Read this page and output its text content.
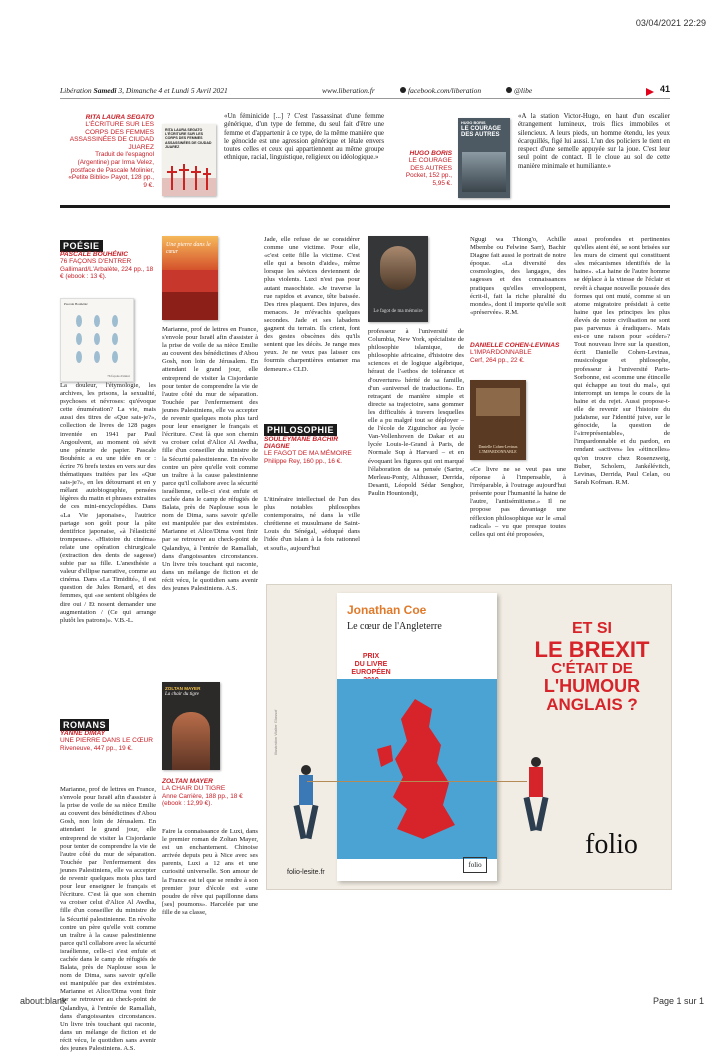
03/04/2021 22:29
about:blank	Page 1 sur 1
Libération Samedi 3, Dimanche 4 et Lundi 5 Avril 2021	www.liberation.fr	facebook.com/liberation	@libe	41
RITA LAURA SEGATO
L'ÉCRITURE SUR LES CORPS DES FEMMES ASSASSINÉES DE CIUDAD JUAREZ
Traduit de l'espagnol (Argentine) par Irma Velez, postface de Pascale Molinier, «Petite Biblio» Payot, 128 pp., 9 €.
RITA LAURA SEGATO L'ÉCRITURE SUR LES CORPS DES FEMMES ASSASSINÉES DE CIUDAD JUAREZ
«Un féminicide [...] ? C'est l'assassinat d'une femme générique, d'un type de femme, du seul fait d'être une femme et d'appartenir à ce type, de la même manière que le génocide est une agression générique et létale envers toutes celles et ceux qui appartiennent au même groupe ethnique, racial, linguistique, religieux ou idéologique.»
HUGO BORIS
LE COURAGE DES AUTRES
Pocket, 152 pp., 5,95 €.
HUGO BORIS
LE COURAGE DES AUTRES
«A la station Victor-Hugo, en haut d'un escalier étrangement lumineux, trois flics immobiles et silencieux. A leurs pieds, un homme étendu, les yeux écarquillés, figé lui aussi. L'un des policiers le tient en respect d'une semelle appuyée sur la joue. C'est leur seul point de contact. Il le cloue au sol de cette manière minimale et humiliante.»
POÉSIE
PASCALE BOUHÉNIC
76 FAÇONS D'ENTRER
Gallimard/L'Arbalète, 224 pp., 18 € (ebook : 13 €).
Pascale Bouhénic
76 façons d'entrer
La douleur, l'étymologie, les archives, les prisons, la sexualité, psychoses et névroses: qu'évoque cette énumération? La vie, mais aussi des titres de «Que sais-je?», collection de livres de 128 pages inventée en 1941 par Paul Angoulvent, au moment où sévit une pénurie de papier. Pascale Bouhénic a eu une idée en or : écrire 76 brefs textes en vers sur des thématiques traitées par les «Que sais-je?», en les détournant et en y mêlant autobiographie, pensées légères du matin et phrases extraites de ces mini-encyclopédies. Dans «La Vie japonaise», l'autrice partage son goût pour la pâte dentifrice japonaise, «à l'élasticité trompeuse». «Histoire du cinéma» relate une opération chirurgicale (extraction des dents de sagesse) subie par sa fille. L'anesthésie a valeur d'ellipse narrative, comme au cinéma. Dans «La Timidité», il est question de Jules Renard, et des femmes, qui «se sentent obligées de dire oui / Et nosent demander une augmentation / (Ce qui arrange plutôt les patrons)». V.B.-L.
ROMANS
YANNE DIMAY
UNE PIERRE DANS LE CŒUR
Riveneuve, 447 pp., 19 €.
Marianne, prof de lettres en France, s'envole pour Israël afin d'assister à la prise de voile de sa nièce Emilie au couvent des bénédictines d'Abou Gosh, non loin de Jérusalem. En attendant le grand jour, elle entreprend de visiter la Cisjordanie pour tenter de comprendre la vie de l'autre côté du mur de séparation. Touchée par l'enfermement des jeunes Palestiniens, elle va accepter de revenir quelques mois plus tard pour leur enseigner le français et l'écriture. C'est là que son chemin va croiser celui d'Alice Al Awdha, fille d'un conseiller du ministre de la Sécurité palestinienne. En révolte contre un père qu'elle voit comme un traître à la cause palestinienne parce qu'il collabore avec la sécurité israélienne, celle-ci s'est enfuie et cachée dans le camp de réfugiés de Balata, près de Naplouse sous le nom de Dima, sans savoir qu'elle est manipulée par des extrémistes. Marianne et Alice/Dima vont finir par se retrouver au check-point de Qalandiya, à l'entrée de Ramallah, dans d'angoissantes circonstances. Un livre très touchant qui raconte, dans un mélange de fiction et de récit vécu, le quotidien sans avenir des jeunes Palestiniens. A.S.
Une pierre dans le cœur
Marianne, prof de lettres en France, s'envole pour Israël afin d'assister à la prise de voile de sa nièce Emilie au couvent des bénédictines d'Abou Gosh, non loin de Jérusalem. En attendant le grand jour, elle entreprend de visiter la Cisjordanie pour tenter de comprendre la vie de l'autre côté du mur de séparation. Touchée par l'enfermement des jeunes Palestiniens, elle va accepter de revenir quelques mois plus tard pour leur enseigner le français et l'écriture. C'est là que son chemin va croiser celui d'Alice Al Awdha, fille d'un conseiller du ministre de la Sécurité palestinienne. En révolte contre un père qu'elle voit comme un traître à la cause palestinienne parce qu'il collabore avec la sécurité israélienne, celle-ci s'est enfuie et cachée dans le camp de réfugiés de Balata, près de Naplouse sous le nom de Dima, sans savoir qu'elle est manipulée par des extrémistes. Marianne et Alice/Dima vont finir par se retrouver au check-point de Qalandiya, à l'entrée de Ramallah, dans d'angoissantes circonstances. Un livre très touchant qui raconte, dans un mélange de fiction et de récit vécu, le quotidien sans avenir des jeunes Palestiniens. A.S.
ZOLTAN MAYER
La chair du tigre
ZOLTAN MAYER
LA CHAIR DU TIGRE
Anne Carrière, 188 pp., 18 € (ebook : 12,99 €).
Faire la connaissance de Luxi, dans le premier roman de Zoltan Mayer, est un enchantement. Chinoise arrivée depuis peu à Nice avec ses parents, Luxi a 12 ans et une curiosité universelle. Son amour de la France est tel que se rendre à son premier jour d'école est «une poudre de rêve qui papillonne dans [ses] poumons». Harcelée par une fille de sa classe,
Jade, elle refuse de se considérer comme une victime. Pour elle, «c'est cette fille la victime. C'est elle qui a besoin d'aide», même lorsque les sévices deviennent de plus violents. Luxi n'est pas pour autant masochiste. «Je traverse la rue rapidos et avance, tête baissée. Des rires plaquent. Des injures, des menaces. Je m'évachis quelques secondes. Jade et ses labadens gagnent du terrain. Ils crient, font des gestes obscènes dès qu'ils sentent que les décès. Je range mes yeux. Je ne veux pas laisser ces fourmis charpentières entamer ma demeure.» CLD.
PHILOSOPHIE
SOULEYMANE BACHIR DIAGNE
LE FAGOT DE MA MÉMOIRE
Philippe Rey, 160 pp., 16 €.
L'itinéraire intellectuel de l'un des plus notables philosophes contemporains, né dans la ville chrétienne et musulmane de Saint-Louis du Sénégal, «éduqué dans l'idée d'un islam à la fois rationnel et soufi», aujourd'hui
Le fagot de ma mémoire
professeur à l'université de Columbia, New York, spécialiste de philosophie islamique, de philosophie africaine, d'histoire des sciences et de logique algébrique, héraut de l'«ethos de tolérance et d'ouverture» hérité de sa famille, d'un «universel de traduction». En retraçant de manière simple et directe sa trajectoire, sans gommer les difficultés à travers lesquelles elle a pu malgré tout se déployer – de l'école de Ziguinchor au lycée Van-Vollenhoven de Dakar et au lycée Louis-le-Grand à Paris, de Normale Sup à Harvard – et en évoquant les figures qui ont marqué l'élaboration de sa pensée (Sartre, Merleau-Ponty, Althusser, Derrida, Desanti, Léopold Sédar Senghor, Paulin Hountondji,
Ngugi wa Thiong'o, Achille Mbembe ou Felwine Sarr), Bachir Diagne fait aussi le portrait de notre époque. «La diversité des cosmologies, des langages, des sagesses et des connaissances pratiques qu'elles enveloppent, écrit-il, fait la riche pluralité du monde», dont il importe qu'elle soit «préservée». R.M.
DANIELLE COHEN-LEVINAS
L'IMPARDONNABLE
Cerf, 264 pp., 22 €.
Danielle Cohen-Levinas L'IMPARDONNABLE
«Ce livre ne se veut pas une réponse à l'impensable, à l'irréparable, à l'outrage aujourd'hui présente pour l'humanité la haine de l'autre, l'antisémitisme.» Il ne propose pas davantage une réflexion philosophique sur le «mal radical» – vu que presque toutes celles qui ont été proposées,
aussi profondes et pertinentes qu'elles aient été, se sont brisées sur les murs de ciment qui constituent «les mécanismes identifiés de la haine». «La haine de l'autre homme se déplace à la vitesse de l'éclair et revêt à chaque nouvelle poussée des formes qui ont muté, comme si un atome migratoire présidait à cette haine que les principes les plus élevés de notre civilisation ne sont pas parvenus à éradiquer». Mais est-ce une raison pour «céder»? Tout nouveau livre sur la question, écrit Danielle Cohen-Levinas, musicologue et philosophe, professeur à l'université Paris-Sorbonne, est «comme une étincelle qui échappe au tout du mal», qui interrompt un temps le cours de la haine et du rejet. Aussi propose-t-elle de revenir sur l'histoire du judaïsme, sur l'identité juive, sur le génocide, la question de l'«irreprésentable», de l'impardonnable et du pardon, en rendant «actives» les «étincelles» qu'on trouve chez Rosenzweig, Buber, Scholem, Jankélévitch, Levinas, Derrida, Paul Celan, ou Sarah Kofman. R.M.
Jonathan Coe
Le cœur de l'Angleterre
PRIX
DU LIVRE
EUROPÉEN
folio
Illustration Walter Glassof
ET SI
LE BREXIT
C'ÉTAIT DE
L'HUMOUR
ANGLAIS ?
folio
folio-lesite.fr
